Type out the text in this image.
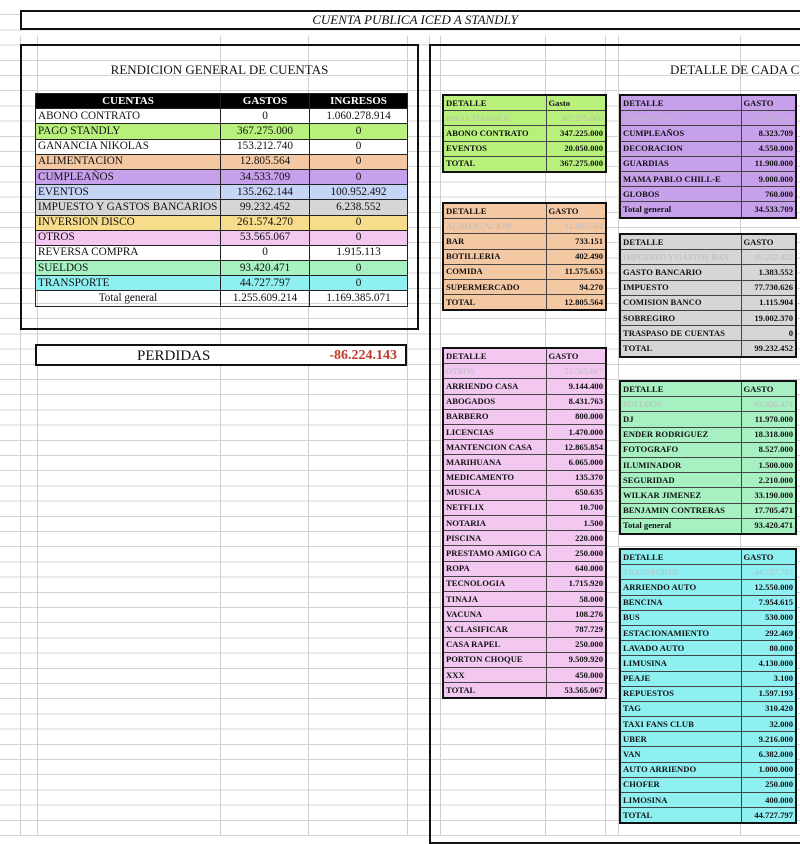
CUENTA PUBLICA ICED A STANDLY
RENDICION GENERAL DE CUENTAS
CUENTAS	GASTOS	INGRESOS
ABONO CONTRATO	0	1.060.278.914
PAGO STANDLY	367.275.000	0
GANANCIA NIKOLAS	153.212.740	0
ALIMENTACION	12.805.564	0
CUMPLEAÑOS	34.533.709	0
EVENTOS	135.262.144	100.952.492
IMPUESTO Y GASTOS BANCARIOS	99.232.452	6.238.552
INVERSION DISCO	261.574.270	0
OTROS	53.565.067	0
REVERSA COMPRA	0	1.915.113
SUELDOS	93.420.471	0
TRANSPORTE	44.727.797	0
Total general	1.255.609.214	1.169.385.071
PERDIDAS	-86.224.143
DETALLE DE CADA C
DETALLE	Gasto
PAGO STANDLY	367.275.000
ABONO CONTRATO	347.225.000
EVENTOS	20.050.000
TOTAL	367.275.000
DETALLE	GASTO
ALIMENTACION	12.805.564
BAR	733.151
BOTILLERIA	402.490
COMIDA	11.575.653
SUPERMERCADO	94.270
TOTAL	12.805.564
DETALLE	GASTO
OTROS	53.565.067
ARRIENDO CASA	9.144.400
ABOGADOS	8.431.763
BARBERO	800.000
LICENCIAS	1.470.000
MANTENCION CASA	12.865.854
MARIHUANA	6.065.000
MEDICAMENTO	135.370
MUSICA	650.635
NETFLIX	10.700
NOTARIA	1.500
PISCINA	220.000
PRESTAMO AMIGO CA	250.000
ROPA	640.000
TECNOLOGIA	1.715.920
TINAJA	58.000
VACUNA	108.276
X CLASIFICAR	787.729
CASA RAPEL	250.000
PORTON CHOQUE	9.509.920
XXX	450.000
TOTAL	53.565.067
DETALLE	GASTO
CUMPLEAÑOS	34.533.709
CUMPLEAÑOS	8.323.709
DECORACION	4.550.000
GUARDIAS	11.900.000
MAMA PABLO CHILL-E	9.000.000
GLOBOS	760.000
Total general	34.533.709
DETALLE	GASTO
IMPUESTO Y GASTOS BAN	99.232.452
GASTO BANCARIO	1.383.552
IMPUESTO	77.730.626
COMISION BANCO	1.115.904
SOBREGIRO	19.002.370
TRASPASO DE CUENTAS	0
TOTAL	99.232.452
DETALLE	GASTO
SUELDOS	93.420.471
DJ	11.970.000
ENDER RODRIGUEZ	18.318.000
FOTOGRAFO	8.527.000
ILUMINADOR	1.500.000
SEGURIDAD	2.210.000
WILKAR JIMENEZ	33.190.000
BENJAMIN CONTRERAS	17.705.471
Total general	93.420.471
DETALLE	GASTO
TRANSPORTE	44.727.797
ARRIENDO AUTO	12.550.000
BENCINA	7.954.615
BUS	530.000
ESTACIONAMIENTO	292.469
LAVADO AUTO	80.000
LIMUSINA	4.130.000
PEAJE	3.100
REPUESTOS	1.597.193
TAG	310.420
TAXI FANS CLUB	32.000
UBER	9.216.000
VAN	6.382.000
AUTO ARRIENDO	1.000.000
CHOFER	250.000
LIMOSINA	400.000
TOTAL	44.727.797
